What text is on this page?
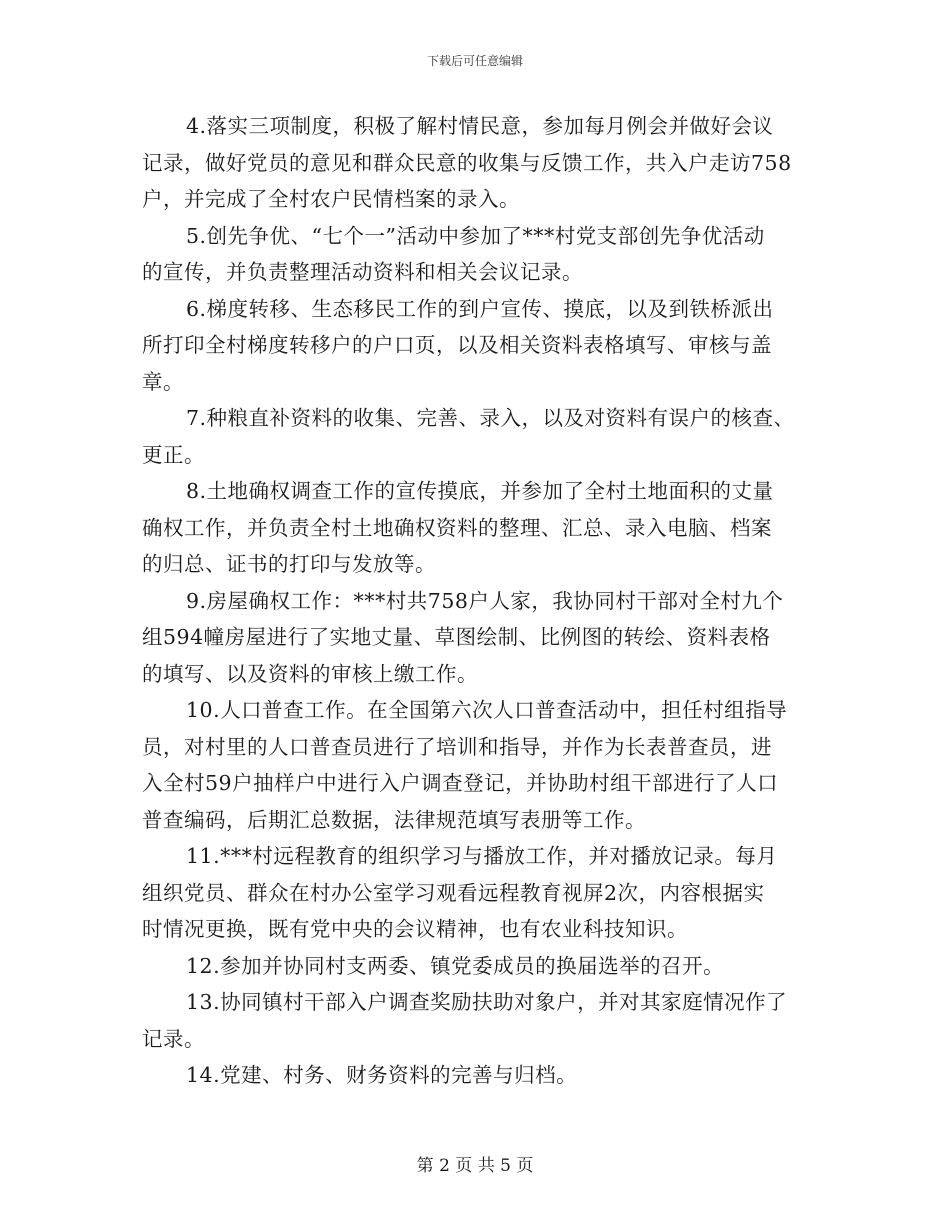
下载后可任意编辑
4.落实三项制度，积极了解村情民意，参加每月例会并做好会议
记录，做好党员的意见和群众民意的收集与反馈工作，共入户走访758
户，并完成了全村农户民情档案的录入。
5.创先争优、“七个一”活动中参加了***村党支部创先争优活动
的宣传，并负责整理活动资料和相关会议记录。
6.梯度转移、生态移民工作的到户宣传、摸底，以及到铁桥派出
所打印全村梯度转移户的户口页，以及相关资料表格填写、审核与盖
章。
7.种粮直补资料的收集、完善、录入，以及对资料有误户的核查、
更正。
8.土地确权调查工作的宣传摸底，并参加了全村土地面积的丈量
确权工作，并负责全村土地确权资料的整理、汇总、录入电脑、档案
的归总、证书的打印与发放等。
9.房屋确权工作：***村共758户人家，我协同村干部对全村九个
组594幢房屋进行了实地丈量、草图绘制、比例图的转绘、资料表格
的填写、以及资料的审核上缴工作。
10.人口普查工作。在全国第六次人口普查活动中，担任村组指导
员，对村里的人口普查员进行了培训和指导，并作为长表普查员，进
入全村59户抽样户中进行入户调查登记，并协助村组干部进行了人口
普查编码，后期汇总数据，法律规范填写表册等工作。
11.***村远程教育的组织学习与播放工作，并对播放记录。每月
组织党员、群众在村办公室学习观看远程教育视屏2次，内容根据实
时情况更换，既有党中央的会议精神，也有农业科技知识。
12.参加并协同村支两委、镇党委成员的换届选举的召开。
13.协同镇村干部入户调查奖励扶助对象户，并对其家庭情况作了
记录。
14.党建、村务、财务资料的完善与归档。
第 2 页 共 5 页
